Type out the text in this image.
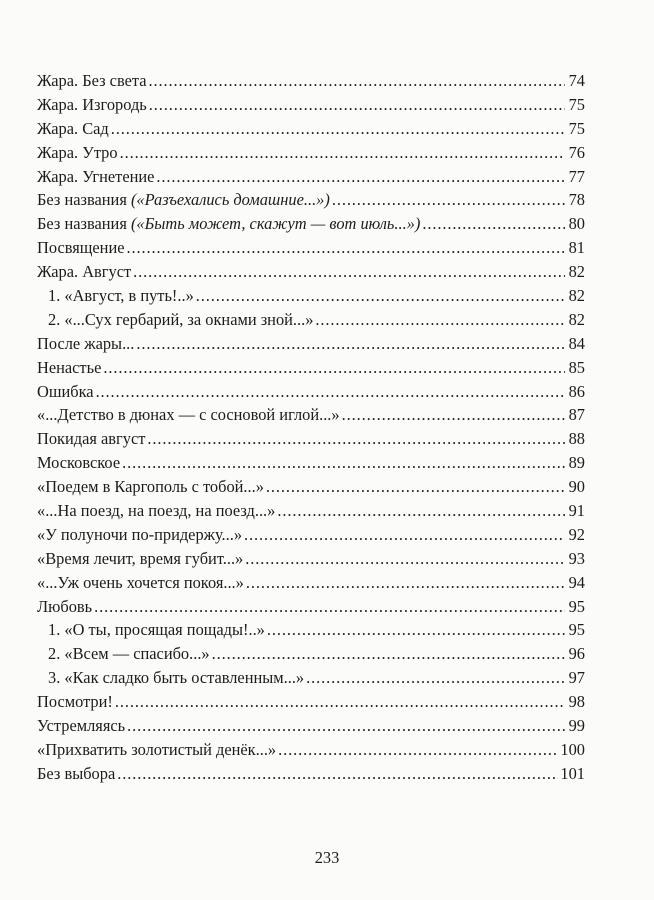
Жара. Без света . . .	74
Жара. Изгородь . . .	75
Жара. Сад . . .	75
Жара. Утро . . .	76
Жара. Угнетение . . .	77
Без названия («Разъехались домашние...») . . .	78
Без названия («Быть может, скажут — вот июль...») . . .	80
Посвящение . . .	81
Жара. Август . . .	82
1. «Август, в путь!..» . . .	82
2. «...Сух гербарий, за окнами зной...» . . .	82
После жары... . . .	84
Ненастье . . .	85
Ошибка . . .	86
«...Детство в дюнах — с сосновой иглой...» . . .	87
Покидая август . . .	88
Московское . . .	89
«Поедем в Каргополь с тобой...» . . .	90
«...На поезд, на поезд, на поезд...» . . .	91
«У полуночи по-придержу...» . . .	92
«Время лечит, время губит...» . . .	93
«...Уж очень хочется покоя...» . . .	94
Любовь . . .	95
1. «О ты, просящая пощады!..» . . .	95
2. «Всем — спасибо...» . . .	96
3. «Как сладко быть оставленным...» . . .	97
Посмотри! . . .	98
Устремляясь . . .	99
«Прихватить золотистый денёк...» . . .	100
Без выбора . . .	101
233
